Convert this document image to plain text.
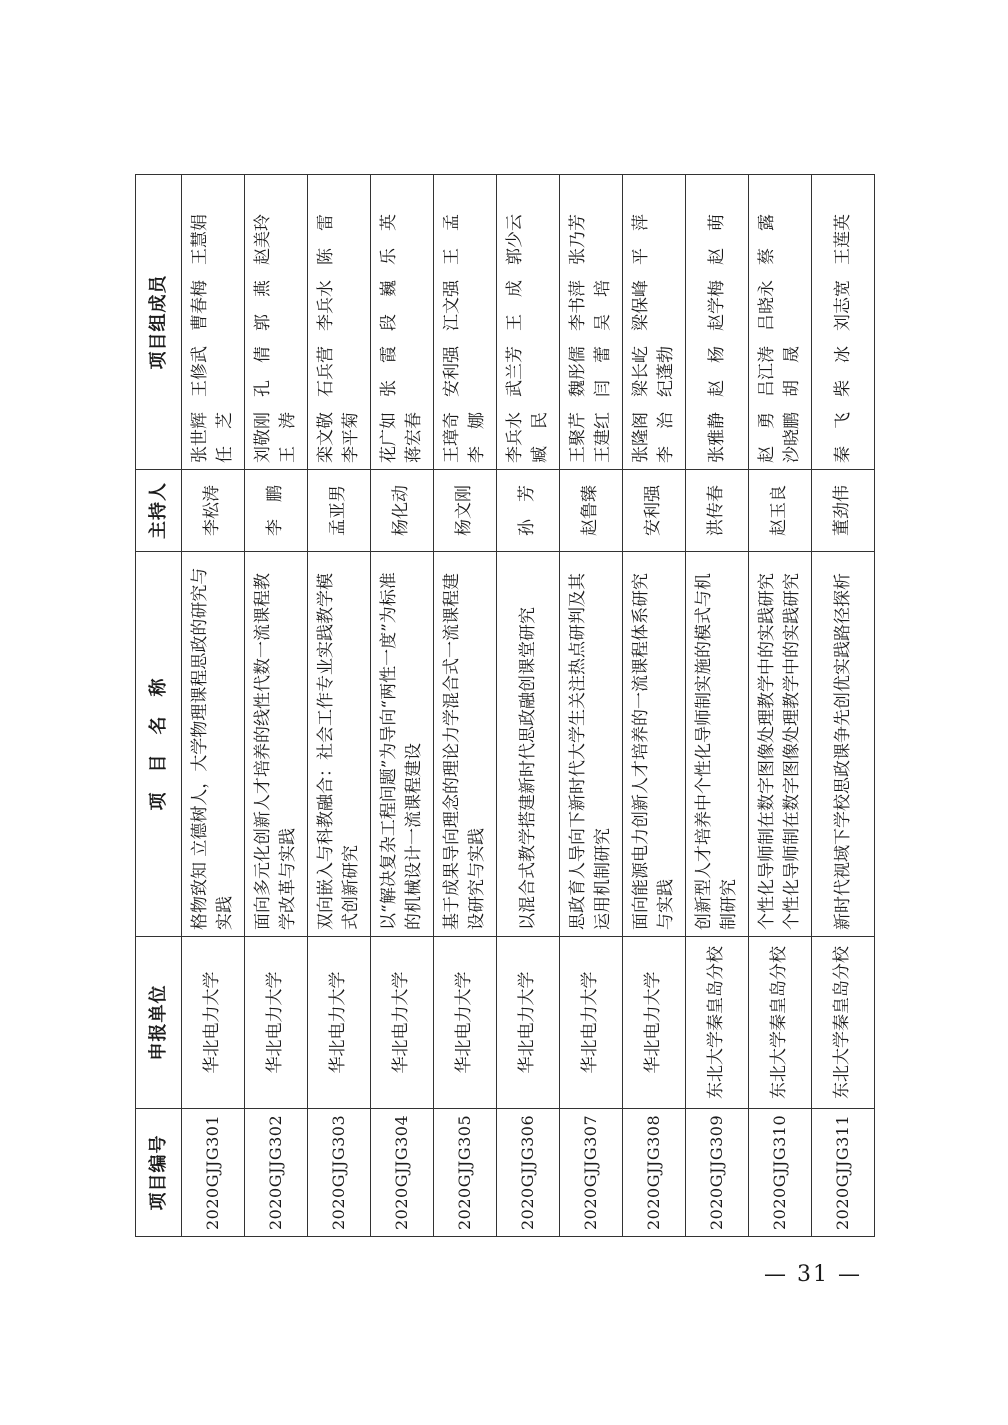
项目编号	申报单位	项　目　名　称	主持人	项目组成员
2020GJJG301	华北电力大学	格物致知 立德树人，大学物理课程思政的研究与实践	李松涛	张世辉王修武曹春梅王慧娟任　芝
2020GJJG302	华北电力大学	面向多元化创新人才培养的线性代数一流课程教学改革与实践	李　鹏	刘敬刚孔　倩郭　燕赵美玲王　涛
2020GJJG303	华北电力大学	双向嵌入与科教融合：社会工作专业实践教学模式创新研究	孟亚男	栾文敬石兵营李兵水陈　雷李平菊
2020GJJG304	华北电力大学	以“解决复杂工程问题”为导向“两性一度”为标准的机械设计一流课程建设	杨化动	花广如张　霞段　巍乐　英蒋宏春
2020GJJG305	华北电力大学	基于成果导向理念的理论力学混合式一流课程建设研究与实践	杨文刚	王璋奇安利强江文强王　孟李　娜
2020GJJG306	华北电力大学	以混合式教学搭建新时代思政融创课堂研究	孙　芳	李兵水武兰芳王　成郭少云臧　民
2020GJJG307	华北电力大学	思政育人导向下新时代大学生关注热点研判及其运用机制研究	赵鲁臻	王聚芹魏彤儒李书萍张乃芳王建红闫　蕾吴　培
2020GJJG308	华北电力大学	面向能源电力创新人才培养的一流课程体系研究与实践	安利强	张隆阁梁长屹梁保峰平　萍李　治纪蓬勃
2020GJJG309	东北大学秦皇岛分校	创新型人才培养中个性化导师制实施的模式与机制研究	洪传春	张雅静赵　杨赵学梅赵　萌
2020GJJG310	东北大学秦皇岛分校	个性化导师制在数字图像处理教学中的实践研究个性化导师制在数字图像处理教学中的实践研究	赵玉良	赵　勇吕江涛吕晓永蔡　露沙晓鹏胡　晟
2020GJJG311	东北大学秦皇岛分校	新时代视域下学校思政课争先创优实践路径探析	董劲伟	秦　飞柴　冰刘志宽王莲英
— 31 —
